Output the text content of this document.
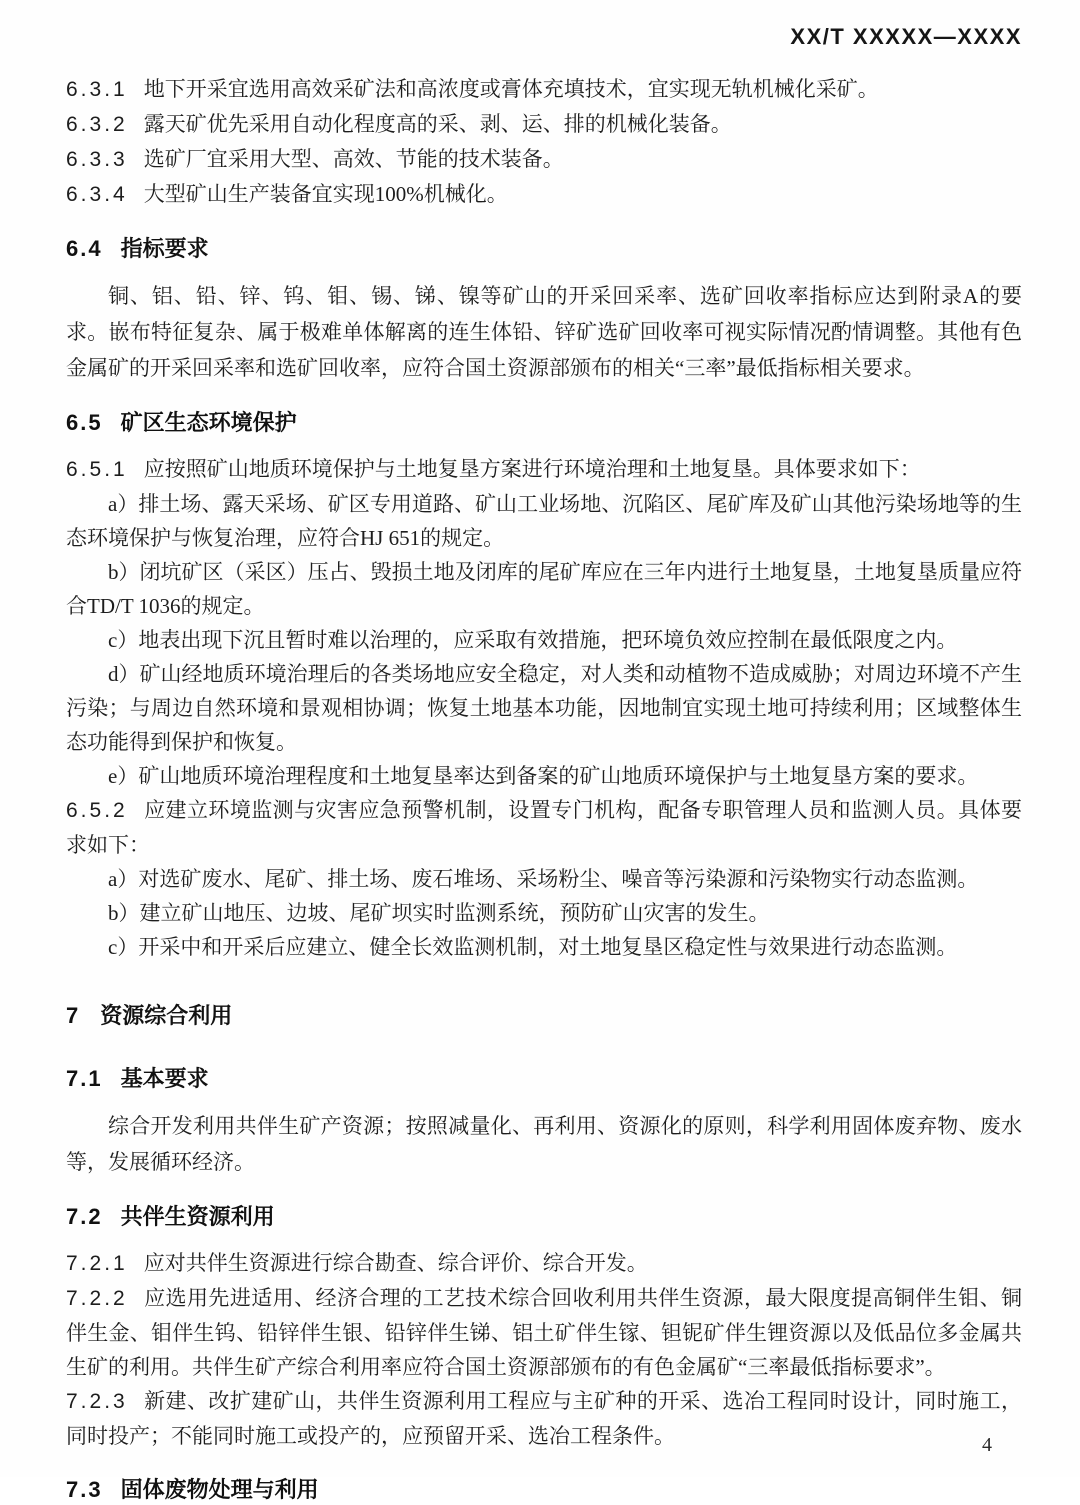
XX/T XXXXX—XXXX

6.3.1 地下开采宜选用高效采矿法和高浓度或膏体充填技术，宜实现无轨机械化采矿。

6.3.2 露天矿优先采用自动化程度高的采、剥、运、排的机械化装备。

6.3.3 选矿厂宜采用大型、高效、节能的技术装备。

6.3.4 大型矿山生产装备宜实现100%机械化。

6.4 指标要求

铜、铝、铅、锌、钨、钼、锡、锑、镍等矿山的开采回采率、选矿回收率指标应达到附录A的要求。嵌布特征复杂、属于极难单体解离的连生体铅、锌矿选矿回收率可视实际情况酌情调整。其他有色金属矿的开采回采率和选矿回收率，应符合国土资源部颁布的相关“三率”最低指标相关要求。

6.5 矿区生态环境保护

6.5.1 应按照矿山地质环境保护与土地复垦方案进行环境治理和土地复垦。具体要求如下：

a）排土场、露天采场、矿区专用道路、矿山工业场地、沉陷区、尾矿库及矿山其他污染场地等的生态环境保护与恢复治理，应符合HJ 651的规定。

b）闭坑矿区（采区）压占、毁损土地及闭库的尾矿库应在三年内进行土地复垦，土地复垦质量应符合TD/T 1036的规定。

c）地表出现下沉且暂时难以治理的，应采取有效措施，把环境负效应控制在最低限度之内。

d）矿山经地质环境治理后的各类场地应安全稳定，对人类和动植物不造成威胁；对周边环境不产生污染；与周边自然环境和景观相协调；恢复土地基本功能，因地制宜实现土地可持续利用；区域整体生态功能得到保护和恢复。

e）矿山地质环境治理程度和土地复垦率达到备案的矿山地质环境保护与土地复垦方案的要求。

6.5.2 应建立环境监测与灾害应急预警机制，设置专门机构，配备专职管理人员和监测人员。具体要求如下：

a）对选矿废水、尾矿、排土场、废石堆场、采场粉尘、噪音等污染源和污染物实行动态监测。

b）建立矿山地压、边坡、尾矿坝实时监测系统，预防矿山灾害的发生。

c）开采中和开采后应建立、健全长效监测机制，对土地复垦区稳定性与效果进行动态监测。

7 资源综合利用
7.1 基本要求

综合开发利用共伴生矿产资源；按照减量化、再利用、资源化的原则，科学利用固体废弃物、废水等，发展循环经济。

7.2 共伴生资源利用

7.2.1 应对共伴生资源进行综合勘查、综合评价、综合开发。

7.2.2 应选用先进适用、经济合理的工艺技术综合回收利用共伴生资源，最大限度提高铜伴生钼、铜伴生金、钼伴生钨、铅锌伴生银、铅锌伴生锑、铝土矿伴生镓、钽铌矿伴生锂资源以及低品位多金属共生矿的利用。共伴生矿产综合利用率应符合国土资源部颁布的有色金属矿“三率最低指标要求”。

7.2.3 新建、改扩建矿山，共伴生资源利用工程应与主矿种的开采、选冶工程同时设计，同时施工，同时投产；不能同时施工或投产的，应预留开采、选冶工程条件。

7.3 固体废物处理与利用
4
